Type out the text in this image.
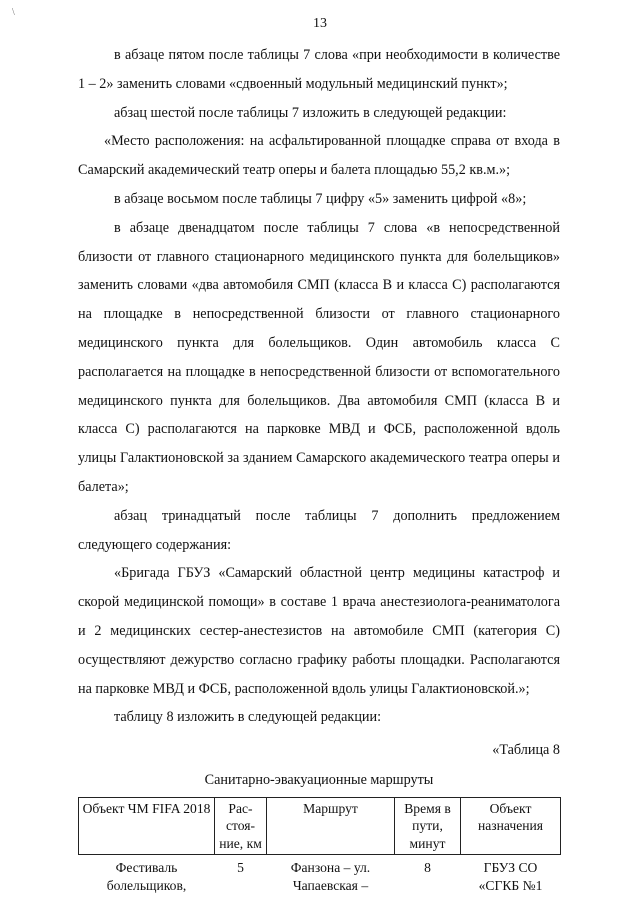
\
13

в абзаце пятом после таблицы 7 слова «при необходимости в количестве 1 – 2» заменить словами «сдвоенный модульный медицинский пункт»;

абзац шестой после таблицы 7 изложить в следующей редакции:

«Место расположения: на асфальтированной площадке справа от входа в Самарский академический театр оперы и балета площадью 55,2 кв.м.»;

в абзаце восьмом после таблицы 7 цифру «5» заменить цифрой «8»;

в абзаце двенадцатом после таблицы 7 слова «в непосредственной близости от главного стационарного медицинского пункта для болельщиков» заменить словами «два автомобиля СМП (класса В и класса С) располагаются на площадке в непосредственной близости от главного стационарного медицинского пункта для болельщиков. Один автомобиль класса С располагается на площадке в непосредственной близости от вспомогательного медицинского пункта для болельщиков. Два автомобиля СМП (класса В и класса С) располагаются на парковке МВД и ФСБ, расположенной вдоль улицы Галактионовской за зданием Самарского академического театра оперы и балета»;

абзац тринадцатый после таблицы 7 дополнить предложением следующего содержания:

«Бригада ГБУЗ «Самарский областной центр медицины катастроф и скорой медицинской помощи» в составе 1 врача анестезиолога-реаниматолога и 2 медицинских сестер-анестезистов на автомобиле СМП (категория С) осуществляют дежурство согласно графику работы площадки. Располагаются на парковке МВД и ФСБ, расположенной вдоль улицы Галактионовской.»;

таблицу 8 изложить в следующей редакции:

«Таблица 8

Санитарно-эвакуационные маршруты

Объект ЧМ FIFA 2018	Рас-стоя-ние, км	Маршрут	Время в пути, минут	Объект назначения
Фестиваль болельщиков,	5	Фанзона – ул. Чапаевская –	8	ГБУЗ СО «СГКБ №1
